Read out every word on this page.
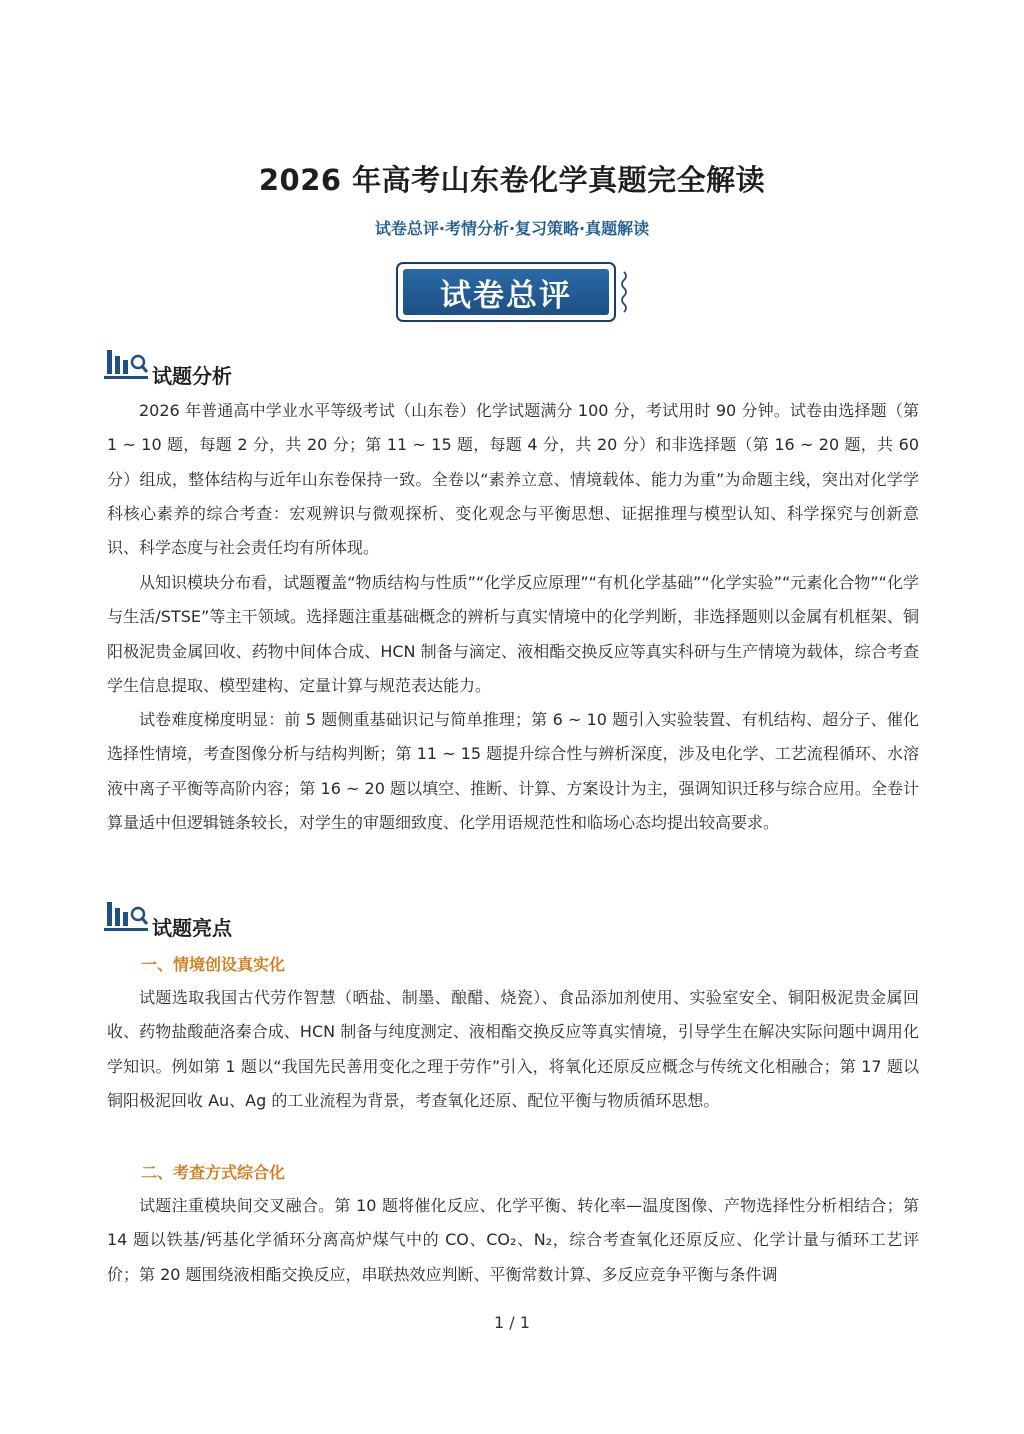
2026 年高考山东卷化学真题完全解读
试卷总评·考情分析·复习策略·真题解读
试卷总评
试题分析

2026 年普通高中学业水平等级考试（山东卷）化学试题满分 100 分，考试用时 90 分钟。试卷由选择题（第 1 ~ 10 题，每题 2 分，共 20 分；第 11 ~ 15 题，每题 4 分，共 20 分）和非选择题（第 16 ~ 20 题，共 60 分）组成，整体结构与近年山东卷保持一致。全卷以“素养立意、情境载体、能力为重”为命题主线，突出对化学学科核心素养的综合考查：宏观辨识与微观探析、变化观念与平衡思想、证据推理与模型认知、科学探究与创新意识、科学态度与社会责任均有所体现。

从知识模块分布看，试题覆盖“物质结构与性质”“化学反应原理”“有机化学基础”“化学实验”“元素化合物”“化学与生活/STSE”等主干领域。选择题注重基础概念的辨析与真实情境中的化学判断，非选择题则以金属有机框架、铜阳极泥贵金属回收、药物中间体合成、HCN 制备与滴定、液相酯交换反应等真实科研与生产情境为载体，综合考查学生信息提取、模型建构、定量计算与规范表达能力。

试卷难度梯度明显：前 5 题侧重基础识记与简单推理；第 6 ~ 10 题引入实验装置、有机结构、超分子、催化选择性情境，考查图像分析与结构判断；第 11 ~ 15 题提升综合性与辨析深度，涉及电化学、工艺流程循环、水溶液中离子平衡等高阶内容；第 16 ~ 20 题以填空、推断、计算、方案设计为主，强调知识迁移与综合应用。全卷计算量适中但逻辑链条较长，对学生的审题细致度、化学用语规范性和临场心态均提出较高要求。

试题亮点
一、情境创设真实化

试题选取我国古代劳作智慧（晒盐、制墨、酿醋、烧瓷）、食品添加剂使用、实验室安全、铜阳极泥贵金属回收、药物盐酸葩洛秦合成、HCN 制备与纯度测定、液相酯交换反应等真实情境，引导学生在解决实际问题中调用化学知识。例如第 1 题以“我国先民善用变化之理于劳作”引入，将氧化还原反应概念与传统文化相融合；第 17 题以铜阳极泥回收 Au、Ag 的工业流程为背景，考查氧化还原、配位平衡与物质循环思想。

二、考查方式综合化

试题注重模块间交叉融合。第 10 题将催化反应、化学平衡、转化率—温度图像、产物选择性分析相结合；第 14 题以铁基/钙基化学循环分离高炉煤气中的 CO、CO₂、N₂，综合考查氧化还原反应、化学计量与循环工艺评价；第 20 题围绕液相酯交换反应，串联热效应判断、平衡常数计算、多反应竞争平衡与条件调

1 / 1
